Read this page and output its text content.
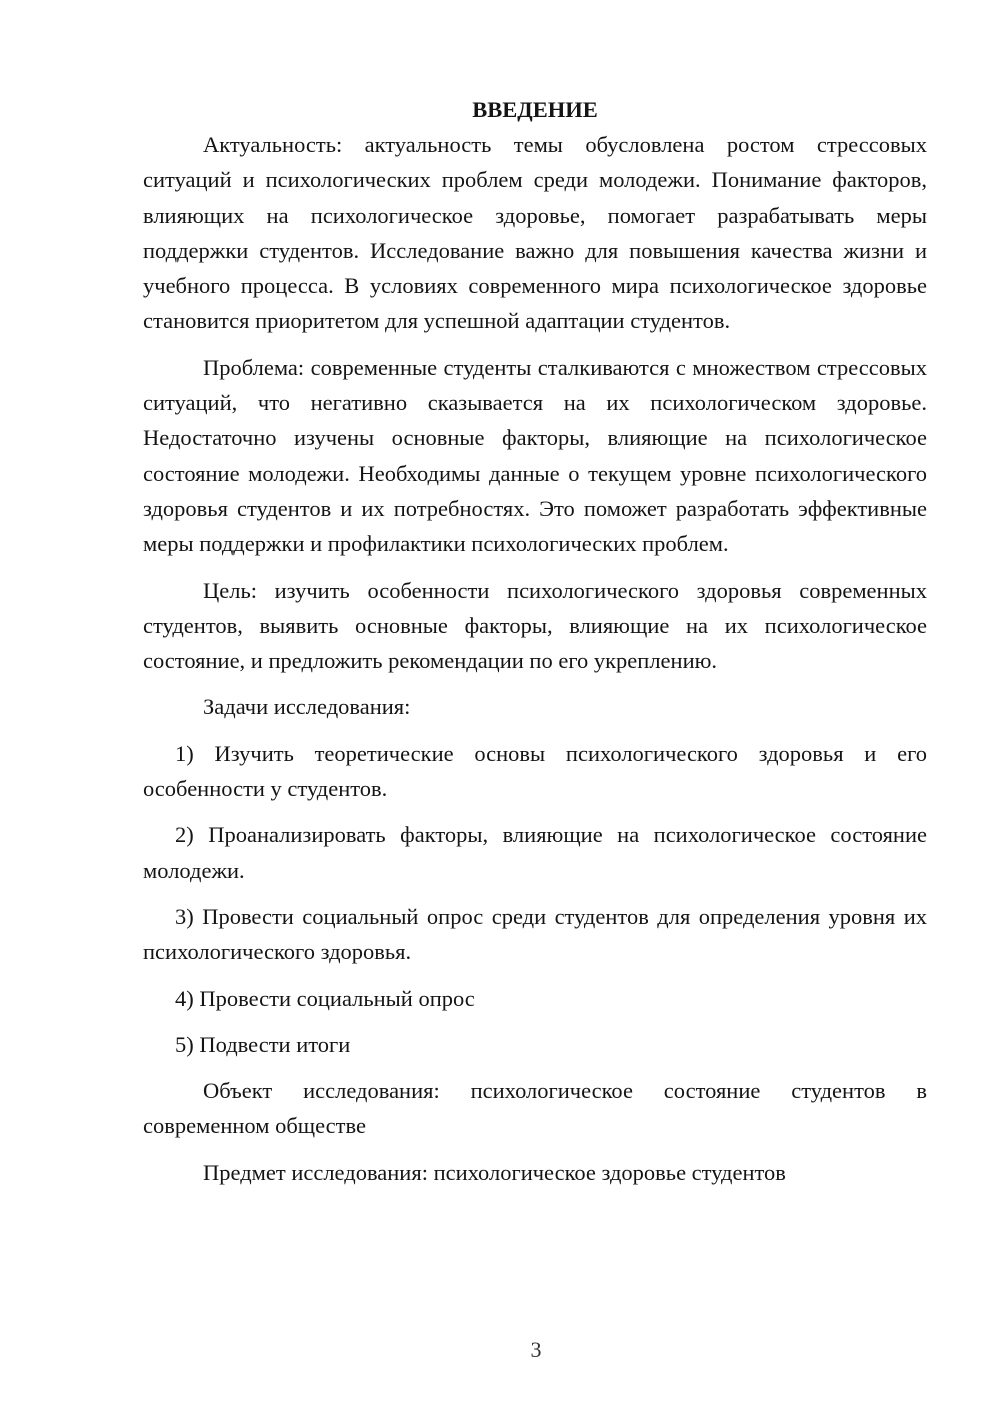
ВВЕДЕНИЕ

Актуальность: актуальность темы обусловлена ростом стрессовых ситуаций и психологических проблем среди молодежи. Понимание факторов, влияющих на психологическое здоровье, помогает разрабатывать меры поддержки студентов. Исследование важно для повышения качества жизни и учебного процесса. В условиях современного мира психологическое здоровье становится приоритетом для успешной адаптации студентов.

Проблема: современные студенты сталкиваются с множеством стрессовых ситуаций, что негативно сказывается на их психологическом здоровье. Недостаточно изучены основные факторы, влияющие на психологическое состояние молодежи. Необходимы данные о текущем уровне психологического здоровья студентов и их потребностях. Это поможет разработать эффективные меры поддержки и профилактики психологических проблем.

Цель: изучить особенности психологического здоровья современных студентов, выявить основные факторы, влияющие на их психологическое состояние, и предложить рекомендации по его укреплению.

Задачи исследования:

1) Изучить теоретические основы психологического здоровья и его особенности у студентов.

2) Проанализировать факторы, влияющие на психологическое состояние молодежи.

3) Провести социальный опрос среди студентов для определения уровня их психологического здоровья.

4) Провести социальный опрос

5) Подвести итоги

Объект исследования: психологическое состояние студентов в современном обществе

Предмет исследования: психологическое здоровье студентов

3
